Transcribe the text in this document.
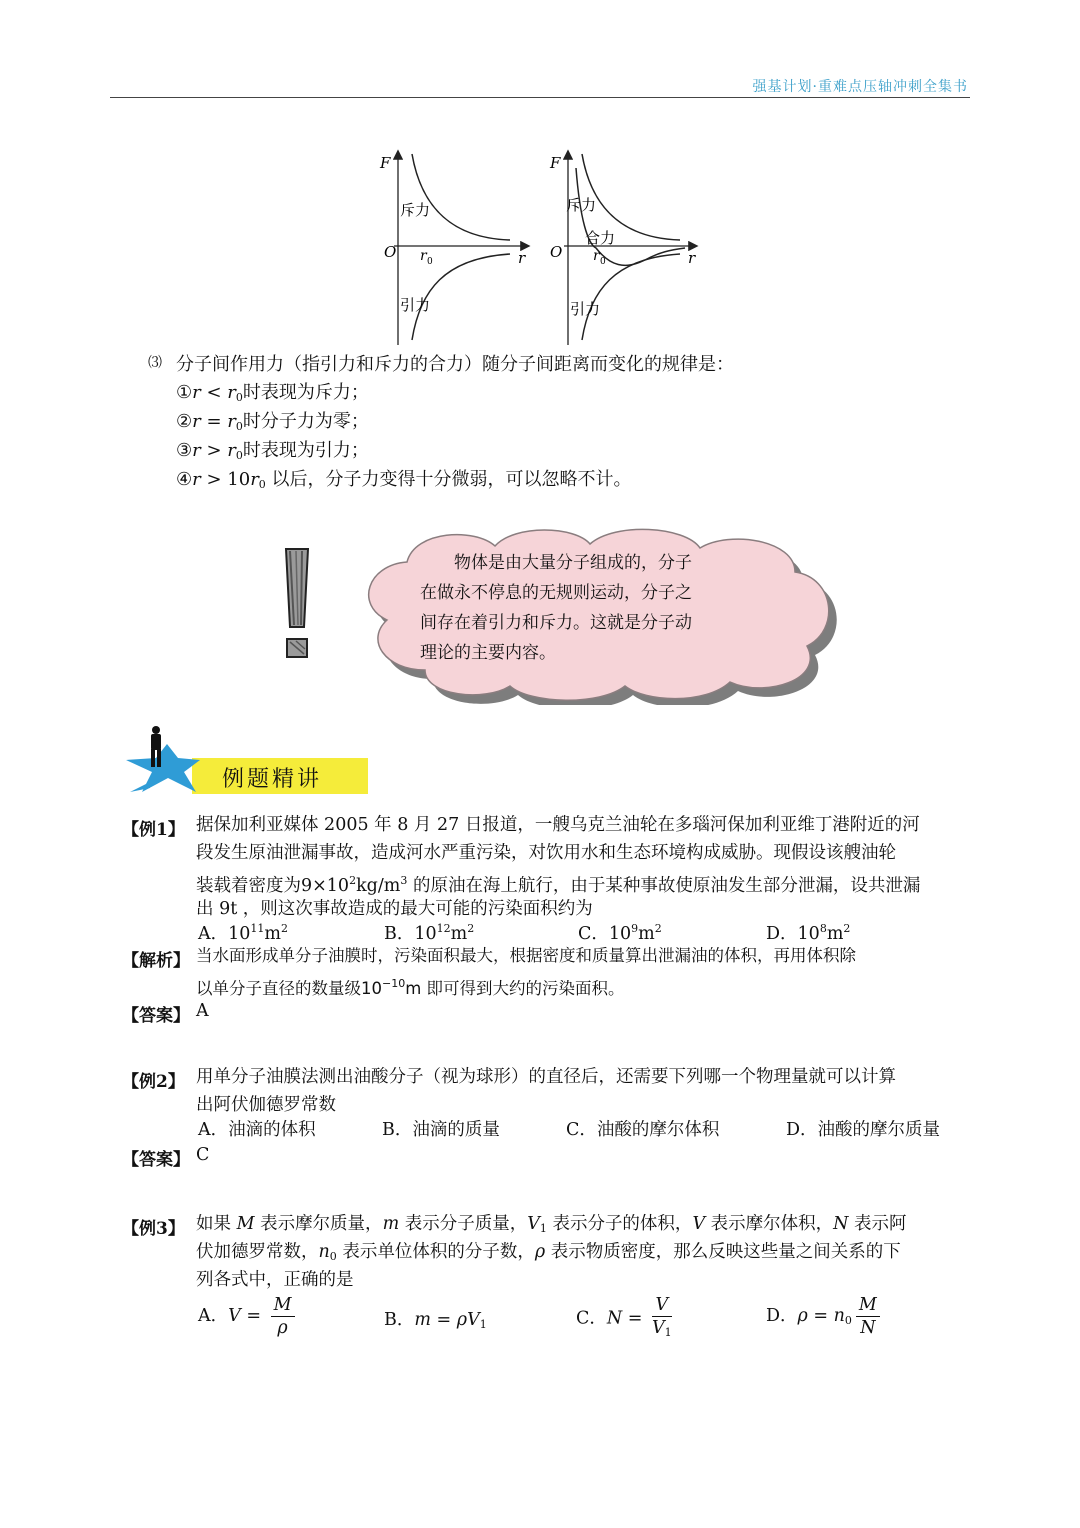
强基计划·重难点压轴冲刺全集书
F
O r 0	r
斥力
引力
F
O r 0	r
斥力
合力
引力
⑶ 分子间作用力（指引力和斥力的合力）随分子间距离而变化的规律是：
①r < $r_0$时表现为斥力；
②r = $r_0$时分子力为零；
③r > $r_0$时表现为引力；
④r > $10r_0$ 以后，分子力变得十分微弱，可以忽略不计。
　　物体是由大量分子组成的，分子
在做永不停息的无规则运动，分子之
间存在着引力和斥力。这就是分子动
理论的主要内容。
例题精讲
【例1】 据保加利亚媒体 2005 年 8 月 27 日报道，一艘乌克兰油轮在多瑙河保加利亚维丁港附近的河
段发生原油泄漏事故，造成河水严重污染，对饮用水和生态环境构成威胁。现假设该艘油轮
装载着密度为$9\times 10^2kg/m^3$ 的原油在海上航行，由于某种事故使原油发生部分泄漏，设共泄漏
出 9t ，则这次事故造成的最大可能的污染面积约为
A．$10^{11}m^2$	B．$10^{12}m^2$	C．$10^9m^2$	D．$10^8m^2$
【解析】 当水面形成单分子油膜时，污染面积最大，根据密度和质量算出泄漏油的体积，再用体积除
以单分子直径的数量级$10^{-10}m$ 即可得到大约的污染面积。
【答案】 A
【例2】 用单分子油膜法测出油酸分子（视为球形）的直径后，还需要下列哪一个物理量就可以计算
出阿伏伽德罗常数
A．油滴的体积	B．油滴的质量	C．油酸的摩尔体积	D．油酸的摩尔质量
【答案】 C
【例3】 如果 M 表示摩尔质量，m 表示分子质量，$V_1$ 表示分子的体积，V 表示摩尔体积，N 表示阿
伏加德罗常数，$n_0$ 表示单位体积的分子数，ρ 表示物质密度，那么反映这些量之间关系的下
列各式中，正确的是
A．$V = \frac{M}{\rho}$	B．$m = \rho V_1$	C．$N = \frac{V}{V_1}$	D．$\rho = n_0 \frac{M}{N}$
